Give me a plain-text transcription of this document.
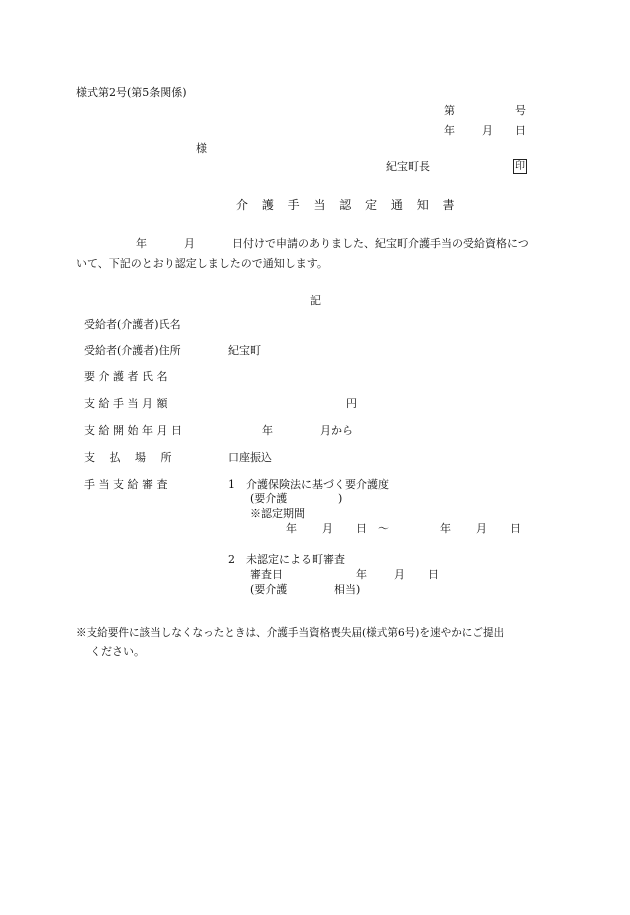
様式第2号(第5条関係)
第	号
年 月 日
様
紀宝町長	印
介 護 手 当 認 定 通 知 書
年	月	日付けで申請のありました、紀宝町介護手当の受給資格につ
いて、下記のとおり認定しましたので通知します。
記
受給者(介護者)氏名
受給者(介護者)住所	紀宝町
要 介 護 者 氏 名
支 給 手 当 月 額	円
支 給 開 始 年 月 日	年	月から
支　 払　 場　 所	口座振込
手 当 支 給 審 査	1　介護保険法に基づく要介護度
(要介護	)
※認定期間
年 月 日 ～	年 月 日
2　未認定による町審査
審査日	年 月 日
(要介護	相当)
※支給要件に該当しなくなったときは、介護手当資格喪失届(様式第6号)を速やかにご提出
ください。
